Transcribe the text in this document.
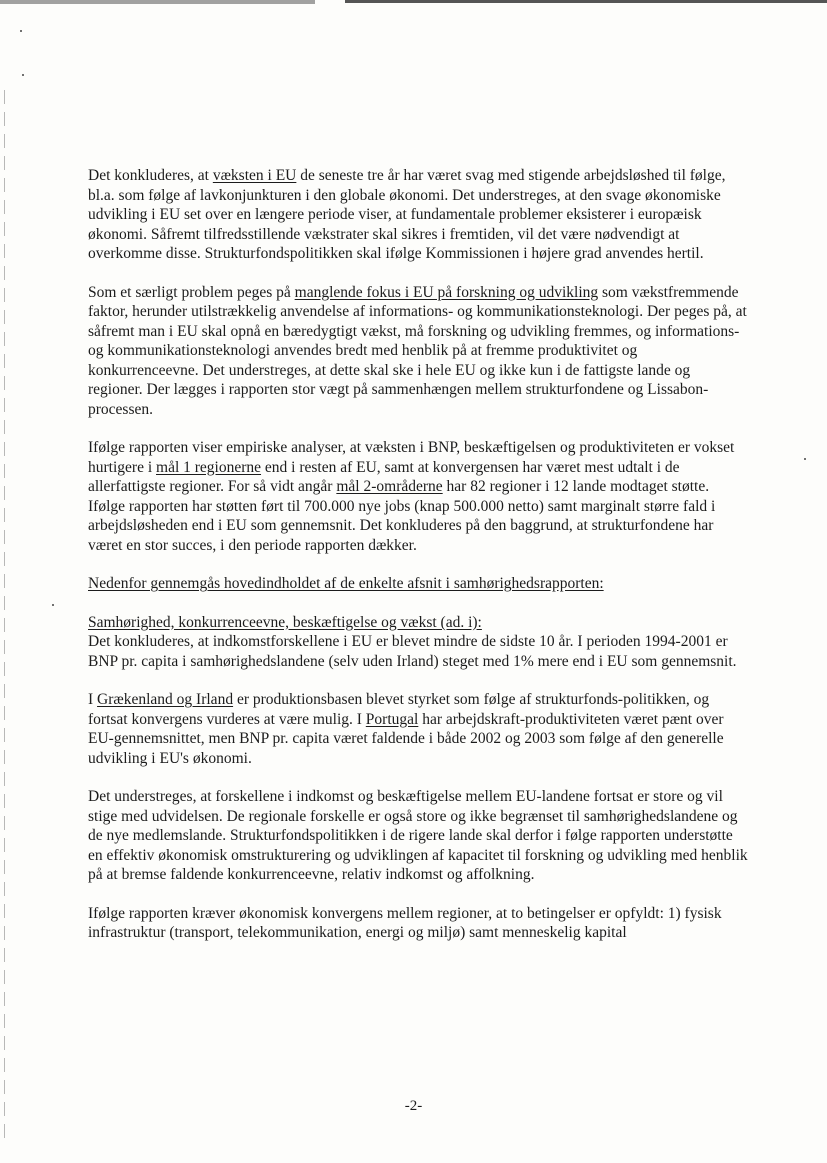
Det konkluderes, at væksten i EU de seneste tre år har været svag med stigende arbejdsløshed til følge, bl.a. som følge af lavkonjunkturen i den globale økonomi. Det understreges, at den svage økonomiske udvikling i EU set over en længere periode viser, at fundamentale problemer eksisterer i europæisk økonomi. Såfremt tilfredsstillende vækstrater skal sikres i fremtiden, vil det være nødvendigt at overkomme disse. Strukturfondspolitikken skal ifølge Kommissionen i højere grad anvendes hertil.

Som et særligt problem peges på manglende fokus i EU på forskning og udvikling som vækstfremmende faktor, herunder utilstrækkelig anvendelse af informations- og kommunikationsteknologi. Der peges på, at såfremt man i EU skal opnå en bæredygtigt vækst, må forskning og udvikling fremmes, og informations- og kommunikationsteknologi anvendes bredt med henblik på at fremme produktivitet og konkurrenceevne. Det understreges, at dette skal ske i hele EU og ikke kun i de fattigste lande og regioner. Der lægges i rapporten stor vægt på sammenhængen mellem strukturfondene og Lissabon-processen.

Ifølge rapporten viser empiriske analyser, at væksten i BNP, beskæftigelsen og produktiviteten er vokset hurtigere i mål 1 regionerne end i resten af EU, samt at konvergensen har været mest udtalt i de allerfattigste regioner. For så vidt angår mål 2-områderne har 82 regioner i 12 lande modtaget støtte. Ifølge rapporten har støtten ført til 700.000 nye jobs (knap 500.000 netto) samt marginalt større fald i arbejdsløsheden end i EU som gennemsnit. Det konkluderes på den baggrund, at strukturfondene har været en stor succes, i den periode rapporten dækker.

Nedenfor gennemgås hovedindholdet af de enkelte afsnit i samhørighedsrapporten:

Samhørighed, konkurrenceevne, beskæftigelse og vækst (ad. i):

Det konkluderes, at indkomstforskellene i EU er blevet mindre de sidste 10 år. I perioden 1994-2001 er BNP pr. capita i samhørighedslandene (selv uden Irland) steget med 1% mere end i EU som gennemsnit.

I Grækenland og Irland er produktionsbasen blevet styrket som følge af strukturfonds-politikken, og fortsat konvergens vurderes at være mulig. I Portugal har arbejdskraft-produktiviteten været pænt over EU-gennemsnittet, men BNP pr. capita været faldende i både 2002 og 2003 som følge af den generelle udvikling i EU's økonomi.

Det understreges, at forskellene i indkomst og beskæftigelse mellem EU-landene fortsat er store og vil stige med udvidelsen. De regionale forskelle er også store og ikke begrænset til samhørighedslandene og de nye medlemslande. Strukturfondspolitikken i de rigere lande skal derfor i følge rapporten understøtte en effektiv økonomisk omstrukturering og udviklingen af kapacitet til forskning og udvikling med henblik på at bremse faldende konkurrenceevne, relativ indkomst og affolkning.

Ifølge rapporten kræver økonomisk konvergens mellem regioner, at to betingelser er opfyldt: 1) fysisk infrastruktur (transport, telekommunikation, energi og miljø) samt menneskelig kapital

-2-
